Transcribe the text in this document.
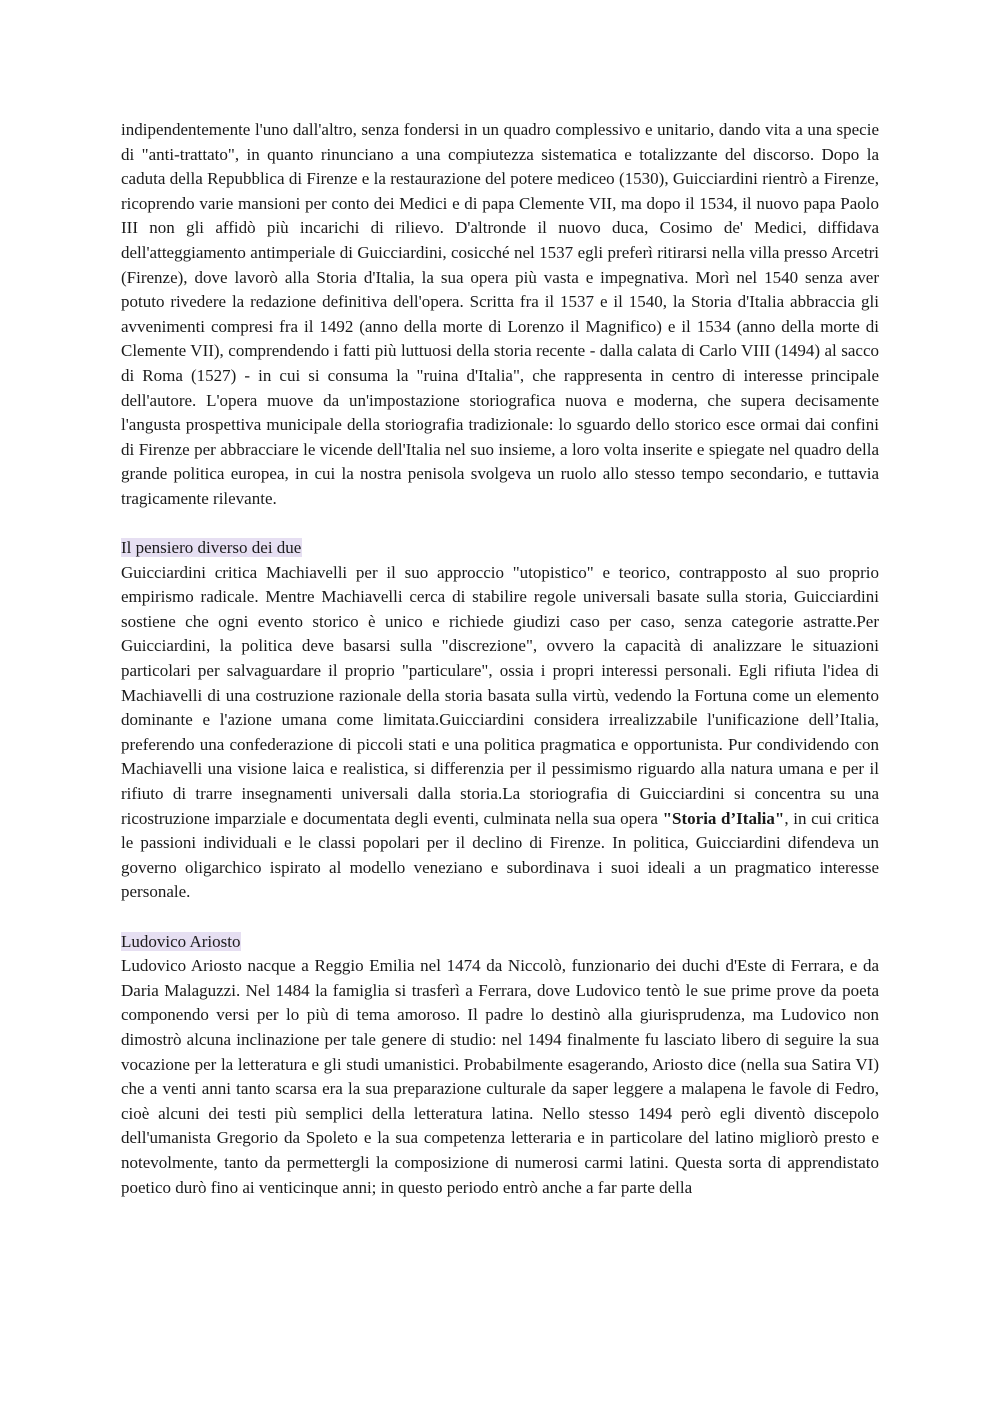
indipendentemente l'uno dall'altro, senza fondersi in un quadro complessivo e unitario, dando vita a una specie di "anti-trattato", in quanto rinunciano a una compiutezza sistematica e totalizzante del discorso. Dopo la caduta della Repubblica di Firenze e la restaurazione del potere mediceo (1530), Guicciardini rientrò a Firenze, ricoprendo varie mansioni per conto dei Medici e di papa Clemente VII, ma dopo il 1534, il nuovo papa Paolo III non gli affidò più incarichi di rilievo. D'altronde il nuovo duca, Cosimo de' Medici, diffidava dell'atteggiamento antimperiale di Guicciardini, cosicché nel 1537 egli preferì ritirarsi nella villa presso Arcetri (Firenze), dove lavorò alla Storia d'Italia, la sua opera più vasta e impegnativa. Morì nel 1540 senza aver potuto rivedere la redazione definitiva dell'opera. Scritta fra il 1537 e il 1540, la Storia d'Italia abbraccia gli avvenimenti compresi fra il 1492 (anno della morte di Lorenzo il Magnifico) e il 1534 (anno della morte di Clemente VII), comprendendo i fatti più luttuosi della storia recente - dalla calata di Carlo VIII (1494) al sacco di Roma (1527) - in cui si consuma la "ruina d'Italia", che rappresenta in centro di interesse principale dell'autore. L'opera muove da un'impostazione storiografica nuova e moderna, che supera decisamente l'angusta prospettiva municipale della storiografia tradizionale: lo sguardo dello storico esce ormai dai confini di Firenze per abbracciare le vicende dell'Italia nel suo insieme, a loro volta inserite e spiegate nel quadro della grande politica europea, in cui la nostra penisola svolgeva un ruolo allo stesso tempo secondario, e tuttavia tragicamente rilevante.

Il pensiero diverso dei due

Guicciardini critica Machiavelli per il suo approccio "utopistico" e teorico, contrapposto al suo proprio empirismo radicale. Mentre Machiavelli cerca di stabilire regole universali basate sulla storia, Guicciardini sostiene che ogni evento storico è unico e richiede giudizi caso per caso, senza categorie astratte.Per Guicciardini, la politica deve basarsi sulla "discrezione", ovvero la capacità di analizzare le situazioni particolari per salvaguardare il proprio "particulare", ossia i propri interessi personali. Egli rifiuta l'idea di Machiavelli di una costruzione razionale della storia basata sulla virtù, vedendo la Fortuna come un elemento dominante e l'azione umana come limitata.Guicciardini considera irrealizzabile l'unificazione dell’Italia, preferendo una confederazione di piccoli stati e una politica pragmatica e opportunista. Pur condividendo con Machiavelli una visione laica e realistica, si differenzia per il pessimismo riguardo alla natura umana e per il rifiuto di trarre insegnamenti universali dalla storia.La storiografia di Guicciardini si concentra su una ricostruzione imparziale e documentata degli eventi, culminata nella sua opera "Storia d’Italia", in cui critica le passioni individuali e le classi popolari per il declino di Firenze. In politica, Guicciardini difendeva un governo oligarchico ispirato al modello veneziano e subordinava i suoi ideali a un pragmatico interesse personale.

Ludovico Ariosto

Ludovico Ariosto nacque a Reggio Emilia nel 1474 da Niccolò, funzionario dei duchi d'Este di Ferrara, e da Daria Malaguzzi. Nel 1484 la famiglia si trasferì a Ferrara, dove Ludovico tentò le sue prime prove da poeta componendo versi per lo più di tema amoroso. Il padre lo destinò alla giurisprudenza, ma Ludovico non dimostrò alcuna inclinazione per tale genere di studio: nel 1494 finalmente fu lasciato libero di seguire la sua vocazione per la letteratura e gli studi umanistici. Probabilmente esagerando, Ariosto dice (nella sua Satira VI) che a venti anni tanto scarsa era la sua preparazione culturale da saper leggere a malapena le favole di Fedro, cioè alcuni dei testi più semplici della letteratura latina. Nello stesso 1494 però egli diventò discepolo dell'umanista Gregorio da Spoleto e la sua competenza letteraria e in particolare del latino migliorò presto e notevolmente, tanto da permettergli la composizione di numerosi carmi latini. Questa sorta di apprendistato poetico durò fino ai venticinque anni; in questo periodo entrò anche a far parte della
